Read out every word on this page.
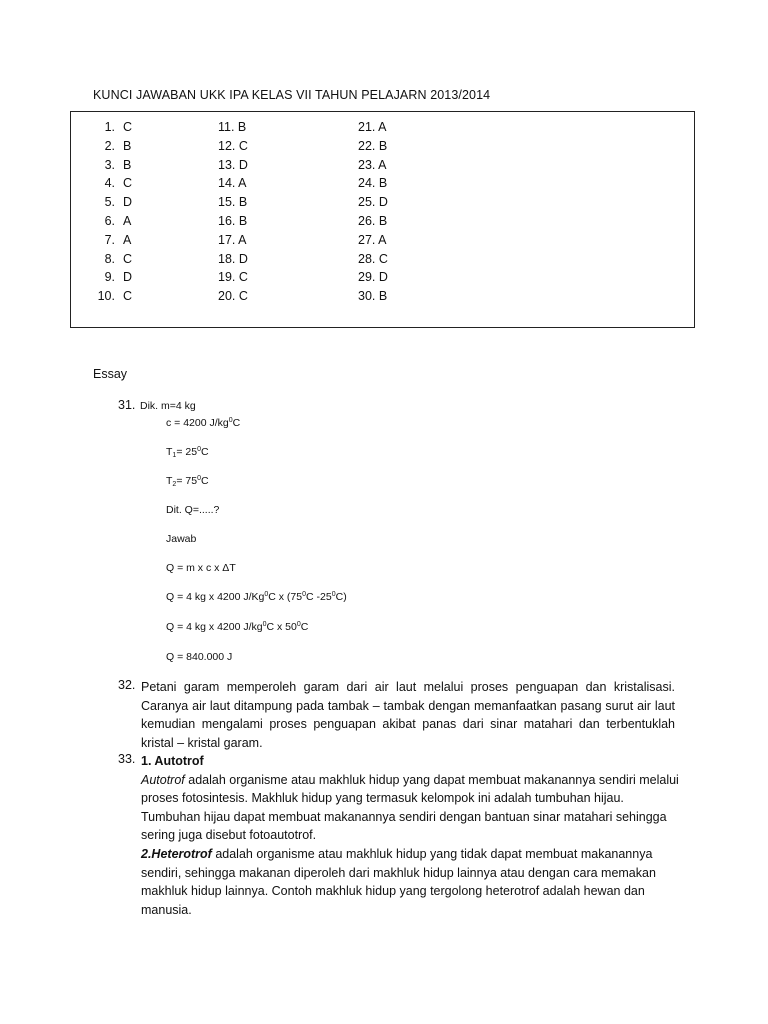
KUNCI JAWABAN UKK IPA KELAS VII TAHUN PELAJARN 2013/2014
1. C
2. B
3. B
4. C
5. D
6. A
7. A
8. C
9. D
10. C
11. B
12. C
13. D
14. A
15. B
16. B
17. A
18. D
19. C
20. C
21. A
22. B
23. A
24. B
25. D
26. B
27. A
28. C
29. D
30. B
Essay
31. Dik. m=4 kg
c = 4200 $J/kg^0C$
$T_1= 25^0C$
$T_2= 75^0C$
Dit. Q=.....?
Jawab
Q = m x c x ΔT
Q = 4 kg x 4200 J/Kg$^0$C x ($75^0C$ $-25^0C$)
Q = 4 kg x 4200 $J/kg^0C$ x $50^0C$
Q = 840.000 J
32. Petani garam memperoleh garam dari air laut melalui proses penguapan dan kristalisasi. Caranya air laut ditampung pada tambak – tambak dengan memanfaatkan pasang surut air laut kemudian mengalami proses penguapan akibat panas dari sinar matahari dan terbentuklah kristal – kristal garam.
33. 1. Autotrof

Autotrof adalah organisme atau makhluk hidup yang dapat membuat makanannya sendiri melalui proses fotosintesis. Makhluk hidup yang termasuk kelompok ini adalah tumbuhan hijau. Tumbuhan hijau dapat membuat makanannya sendiri dengan bantuan sinar matahari sehingga sering juga disebut fotoautotrof.

2.Heterotrof adalah organisme atau makhluk hidup yang tidak dapat membuat makanannya sendiri, sehingga makanan diperoleh dari makhluk hidup lainnya atau dengan cara memakan makhluk hidup lainnya. Contoh makhluk hidup yang tergolong heterotrof adalah hewan dan manusia.
